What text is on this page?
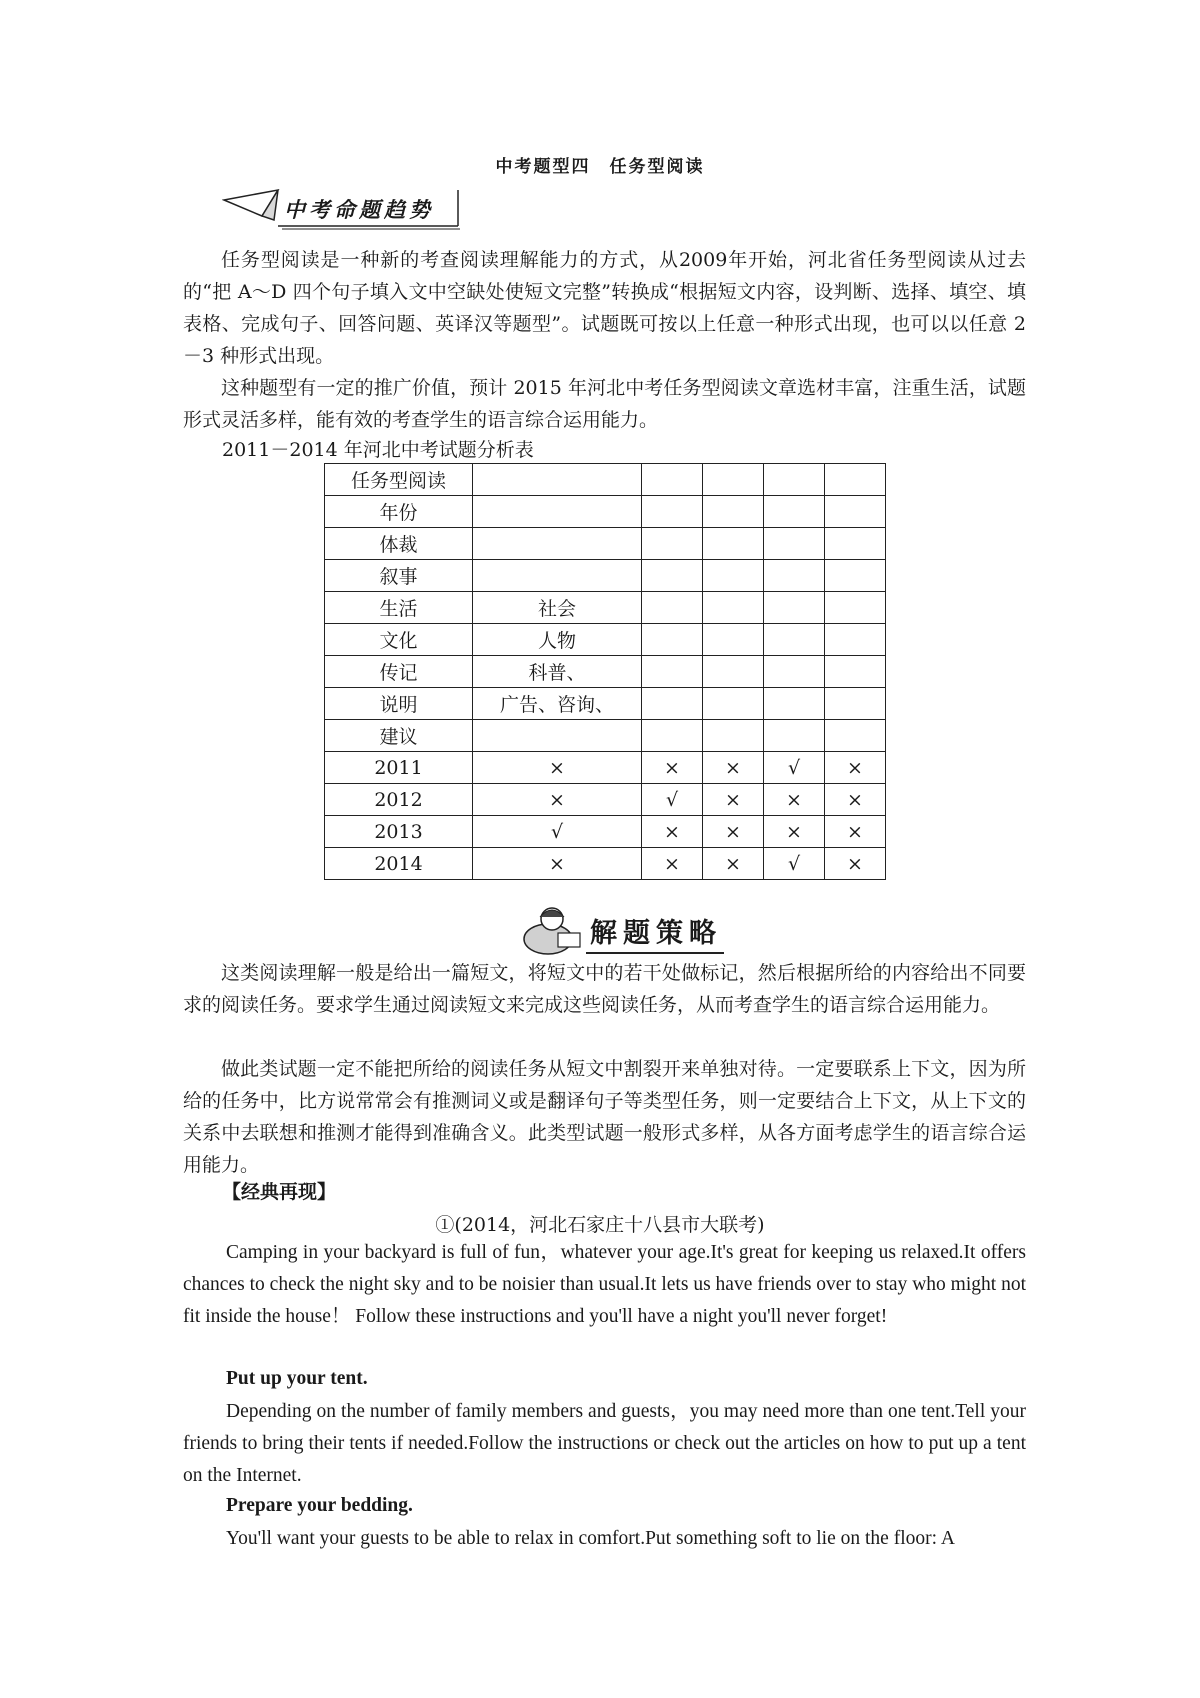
中考题型四　任务型阅读
中考命题趋势

任务型阅读是一种新的考查阅读理解能力的方式，从2009年开始，河北省任务型阅读从过去的“把 A～D 四个句子填入文中空缺处使短文完整”转换成“根据短文内容，设判断、选择、填空、填表格、完成句子、回答问题、英译汉等题型”。试题既可按以上任意一种形式出现，也可以以任意 2－3 种形式出现。

这种题型有一定的推广价值，预计 2015 年河北中考任务型阅读文章选材丰富，注重生活，试题形式灵活多样，能有效的考查学生的语言综合运用能力。

2011－2014 年河北中考试题分析表
任务型阅读					
年份					
体裁					
叙事					
生活	社会				
文化	人物				
传记	科普、				
说明	广告、咨询、				
建议					
2011	×	×	×	√	×
2012	×	√	×	×	×
2013	√	×	×	×	×
2014	×	×	×	√	×
解题策略

这类阅读理解一般是给出一篇短文，将短文中的若干处做标记，然后根据所给的内容给出不同要求的阅读任务。要求学生通过阅读短文来完成这些阅读任务，从而考查学生的语言综合运用能力。

做此类试题一定不能把所给的阅读任务从短文中割裂开来单独对待。一定要联系上下文，因为所给的任务中，比方说常常会有推测词义或是翻译句子等类型任务，则一定要结合上下文，从上下文的关系中去联想和推测才能得到准确含义。此类型试题一般形式多样，从各方面考虑学生的语言综合运用能力。

【经典再现】
①(2014，河北石家庄十八县市大联考)

Camping in your backyard is full of fun，whatever your age.It's great for keeping us relaxed.It offers chances to check the night sky and to be noisier than usual.It lets us have friends over to stay who might not fit inside the house！ Follow these instructions and you'll have a night you'll never forget!

Put up your tent.

Depending on the number of family members and guests，you may need more than one tent.Tell your friends to bring their tents if needed.Follow the instructions or check out the articles on how to put up a tent on the Internet.

Prepare your bedding.

You'll want your guests to be able to relax in comfort.Put something soft to lie on the floor: A
